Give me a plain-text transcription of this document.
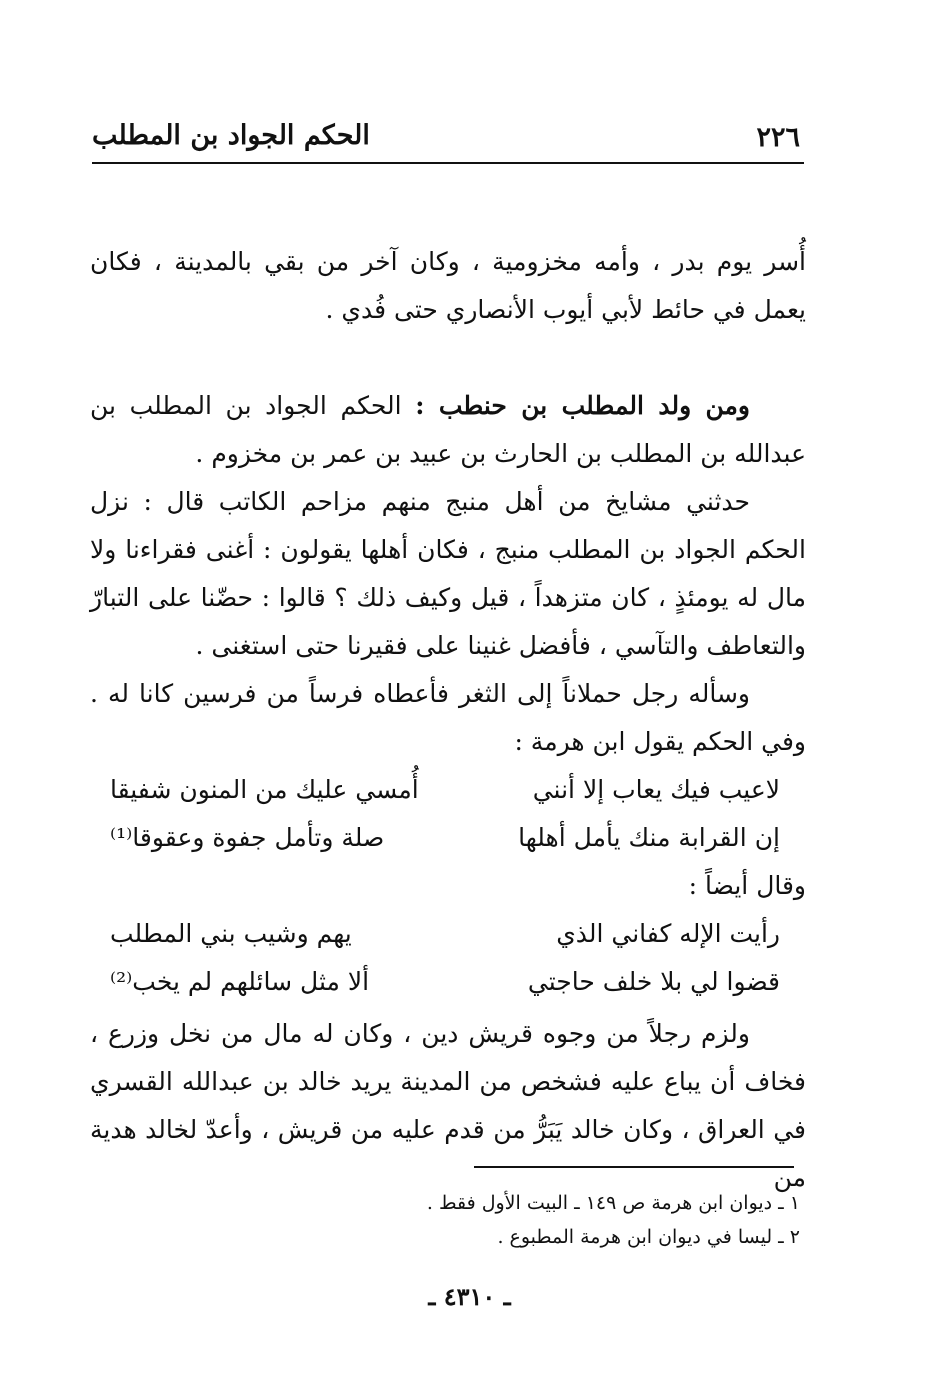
٢٢٦
الحكم الجواد بن المطلب

أُسر يوم بدر ، وأمه مخزومية ، وكان آخر من بقي بالمدينة ، فكان يعمل في حائط لأبي أيوب الأنصاري حتى فُدي .

ومن ولد المطلب بن حنطب : الحكم الجواد بن المطلب بن عبدالله بن المطلب بن الحارث بن عبيد بن عمر بن مخزوم .

حدثني مشايخ من أهل منبج منهم مزاحم الكاتب قال : نزل الحكم الجواد بن المطلب منبج ، فكان أهلها يقولون : أغنى فقراءنا ولا مال له يومئذٍ ، كان متزهداً ، قيل وكيف ذلك ؟ قالوا : حضّنا على التبارّ والتعاطف والتآسي ، فأفضل غنينا على فقيرنا حتى استغنى .

وسأله رجل حملاناً إلى الثغر فأعطاه فرساً من فرسين كانا له . وفي الحكم يقول ابن هرمة :

لاعيب فيك يعاب إلا أنني
أُمسي عليك من المنون شفيقا
إن القرابة منك يأمل أهلها
صلة وتأمل جفوة وعقوقا⁽¹⁾

وقال أيضاً :

رأيت الإله كفاني الذي
يهم وشيب بني المطلب
قضوا لي بلا خلف حاجتي
ألا مثل سائلهم لم يخب⁽²⁾

ولزم رجلاً من وجوه قريش دين ، وكان له مال من نخل وزرع ، فخاف أن يباع عليه فشخص من المدينة يريد خالد بن عبدالله القسري في العراق ، وكان خالد يَبَرُّ من قدم عليه من قريش ، وأعدّ لخالد هدية من

١ ـ ديوان ابن هرمة ص ١٤٩ ـ البيت الأول فقط .
٢ ـ ليسا في ديوان ابن هرمة المطبوع .
ـ ٤٣١٠ ـ
